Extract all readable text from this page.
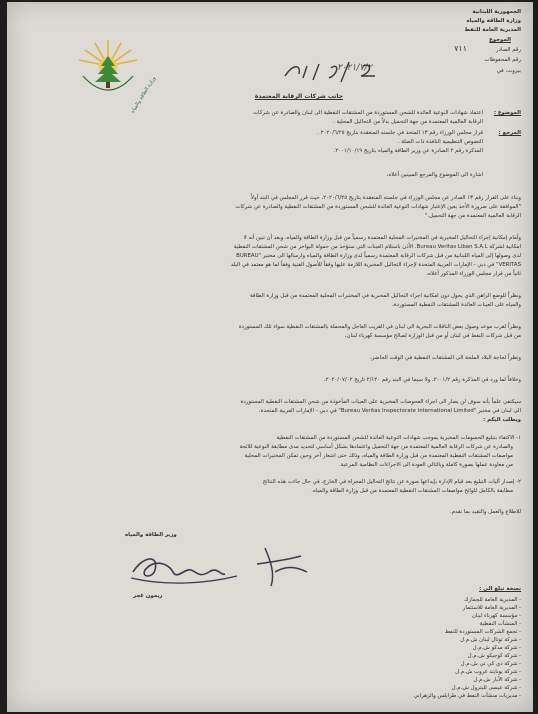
الجمهورية اللبنانية
وزارة الطاقة والمياه
المديرية العامة للنفط
الموجوع
رقم الصادر
٧١١
رقم المحفوظات
بيروت، في
٢٠٢١/٧/٢
وزارة الطاقة والمياه	جانب شركات الرقابة المعتمدة
الموضوع :
اعتماد شهادات النوعية العائدة للشحن المستوردة من المشتقات النفطية الى لبنان والصادرة عن شركات
الرقابة العالمية المعتمدة من جهة التحميل بدلاً من التحاليل المحلية .
المرجع :
قرار مجلس الوزراء رقم ١٣ المتخذ في جلسته المنعقدة بتاريخ ٢٠٢٠/٦/٢٥ .
النصوص التنظيمية النافذة ذات الصلة .
المذكرة رقم ٢ الصادرة عن وزير الطاقة والمياه بتاريخ ٢٠٠١/١٠/١٩.
اشارة الى الموضوع والمرجع المبينين أعلاه،
وبناء على القرار رقم ١٣ الصادر عن مجلس الوزراء في جلسته المنعقدة بتاريخ ٢٠٢٠/٦/٢٥، حيث قرر المجلس في البند أولاً
"الموافقة على ضرورة الأخذ بعين الإعتبار شهادات النوعية العائدة للشحن المستوردة من المشتقات النفطية والصادرة عن شركات
الرقابة العالمية المعتمدة من جهة التحميل."
وأمام إمكانية إجراء التحاليل المخبرية في المختبرات المحلية المعتمدة رسمياً من قبل وزارة الطاقة والمياه، وبعد أن تبين أنه لا
امكانية لشركة Bureau Veritas Liban S.A.L. الأذن باستلام العينات التي ستؤخذ من حمولة البواخر من شحن المشتقات النفطية
لدى وصولها إلى المياه اللبنانية من قبل شركات الرقابة المعتمدة رسمياً لدى وزارة الطاقة والمياه وارسالها الى مختبر "BUREAU
VERITAS" في دبي - الإمارات العربية المتحدة لإجراء التحاليل المخبرية اللازمة عليها وفقاً للأصول الفنية وفقاً لما هو معتمد في البلد
ثانياً من قرار مجلس الوزراء المذكور أعلاه،
ونظراً للوضع الراهن الذي يحول دون امكانية اجراء التحاليل المخبرية في المختبرات المحلية المعتمدة من قبل وزارة الطاقة
والمياه على العينات العائدة للمشتقات النفطية المستوردة،
ونظراً لقرب موعد وصول بعض الناقلات البحرية الى لبنان في القريب العاجل والمحملة بالمشتقات النفطية سواء تلك المستوردة
من قبل شركات النفط في لبنان أو من قبل الوزارة لصالح مؤسسة كهرباء لبنان،
ونظراً لحاجة البلاد الملحة الى المشتقات النفطية في الوقت الحاضر،
وخلافاً لما ورد في المذكرة رقم ٢٠٠١/٢، ولا سيما في البند رقم ٢/١٢٠ تاريخ ٢٠٢٠/٠٧/٠٢،
سيكتفي علماً بأنه سوف لن يصار الى اجراء الفحوصات المخبرية على العينات المأخوذة من شحن المشتقات النفطية المستوردة
الى لبنان في مختبر "Bureau Veritas Inspectorate International Limited" في دبي - الإمارات العربية المتحدة،
ويطلب اليكم :
١- الاكتفاء بتبليغ الحسومات المخبرية بموجب شهادات النوعية العائدة للشحن المستوردة من المشتقات النفطية
والصادرة عن شركات الرقابة العالمية المعتمدة من جهة التحميل واعتمادها بشكل أساسي لتحديد مدى مطابقة النوعية للائحة
مواصفات المشتقات النفطية المعتمدة من قبل وزارة الطاقة والمياه، وذلك حتى اشعار آخر وحين تمكن المختبرات المحلية
من معاودة عملها بصورة كاملة وبالتالي العودة الى الاجراءات النظامية المرعية.
٢- إصدار آليات التبليغ بعد قيام الإدارة بإيداعها صورة عن نتائج التحاليل المجراة في الخارج، في حال جاءت هذه النتائج
مطابقة بالكامل للوائح مواصفات المشتقات النفطية المعتمدة من قبل وزارة الطاقة والمياه.
للاطلاع والعمل والتقيد بما تقدم.
وزير الطاقة والمياه
ريمون غجر
نسخة تبلغ الى :
- المديرية العامة للجمارك
- المديرية العامة للاستثمار
- مؤسسة كهرباء لبنان
- المنشآت النفطية
- تجمع الشركات المستوردة للنفط
- شركة توتال لبنان ش.م.ل
- شركة مدكو ش.م.ل
- شركة كوجيكو ش.م.ل
- شركة دي كي تي ش.م.ل
- شركة يونايتد غروب ش.م.ل
- شركة الآبار ش.م.ل
- شركة عيسى للبترول ش.م.ل
- مديريات منشآت النفط في طرابلس والزهراني
